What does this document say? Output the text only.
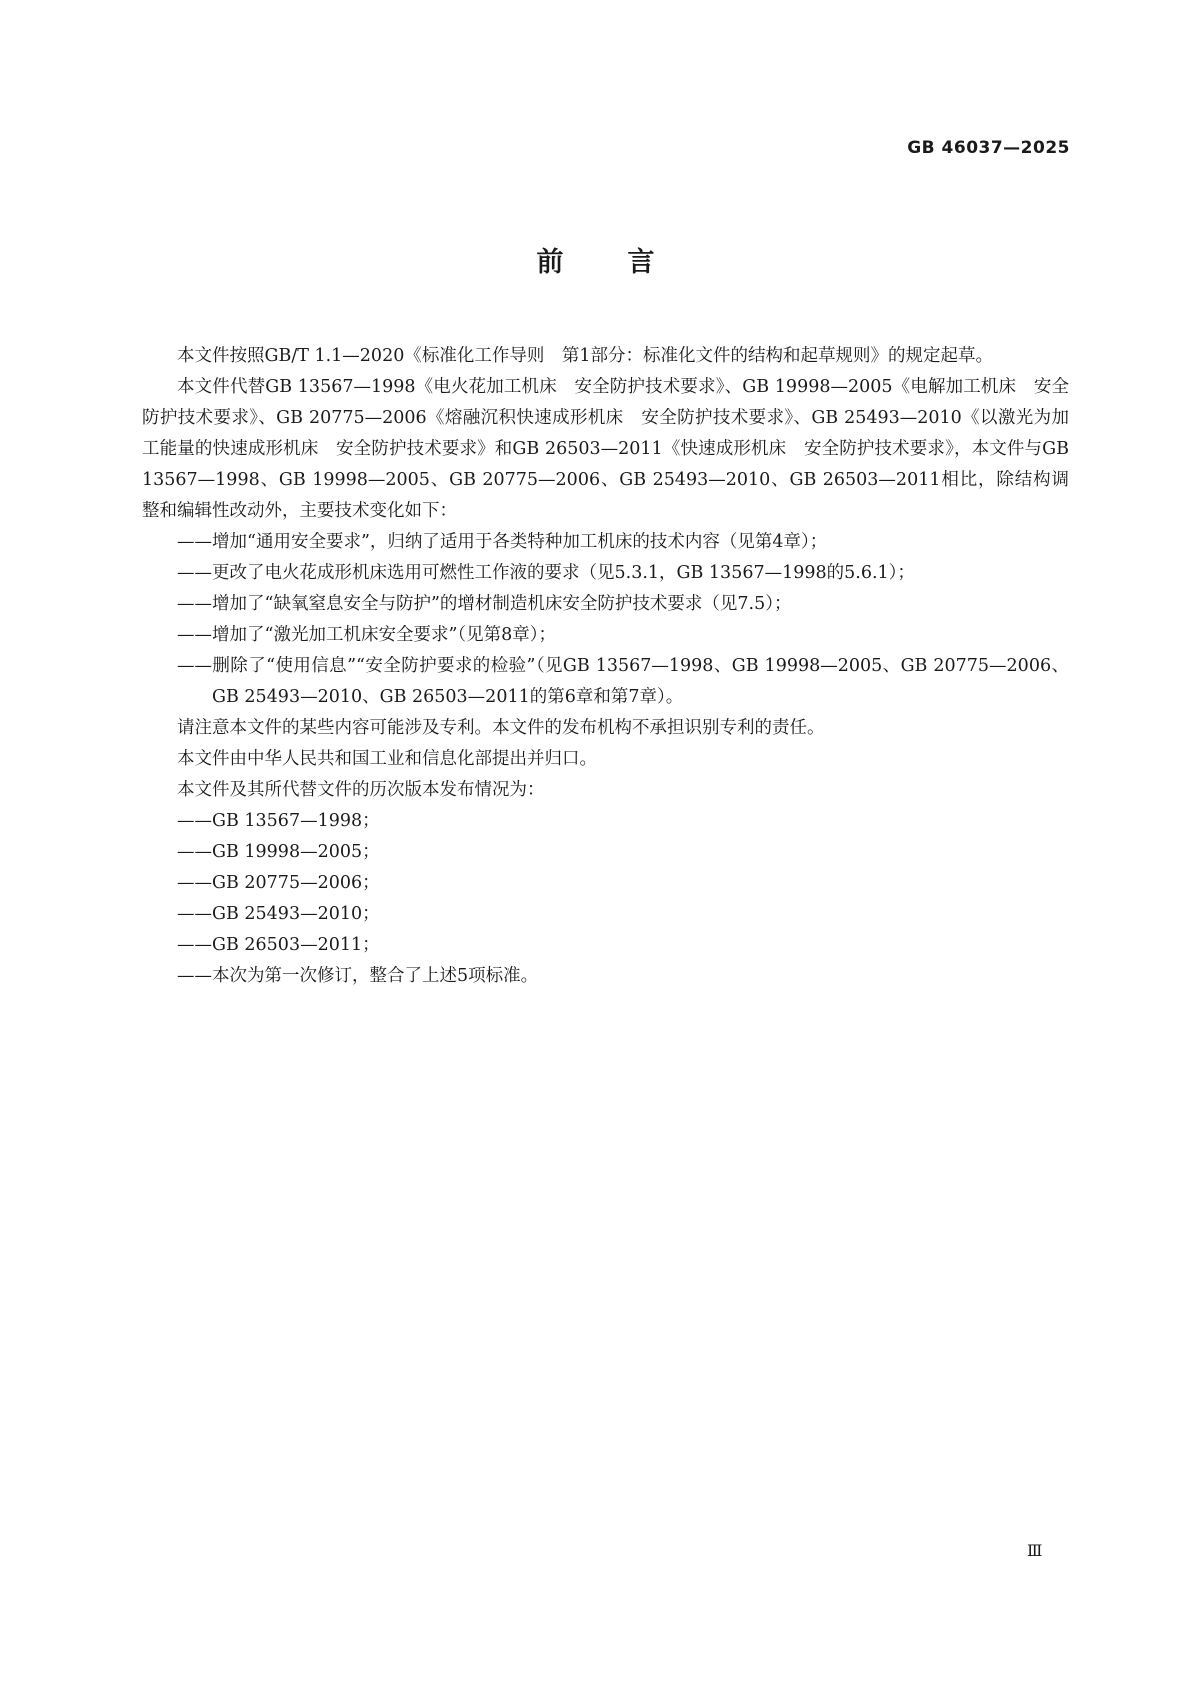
GB 46037—2025
前言

本文件按照GB/T 1.1—2020《标准化工作导则　第1部分：标准化文件的结构和起草规则》的规定起草。

本文件代替GB 13567—1998《电火花加工机床　安全防护技术要求》、GB 19998—2005《电解加工机床　安全防护技术要求》、GB 20775—2006《熔融沉积快速成形机床　安全防护技术要求》、GB 25493—2010《以激光为加工能量的快速成形机床　安全防护技术要求》和GB 26503—2011《快速成形机床　安全防护技术要求》，本文件与GB 13567—1998、GB 19998—2005、GB 20775—2006、GB 25493—2010、GB 26503—2011相比，除结构调整和编辑性改动外，主要技术变化如下：

——增加“通用安全要求”，归纳了适用于各类特种加工机床的技术内容（见第4章）；

——更改了电火花成形机床选用可燃性工作液的要求（见5.3.1，GB 13567—1998的5.6.1）；

——增加了“缺氧窒息安全与防护”的增材制造机床安全防护技术要求（见7.5）；

——增加了“激光加工机床安全要求”（见第8章）；

——删除了“使用信息”“安全防护要求的检验”（见GB 13567—1998、GB 19998—2005、GB 20775—2006、GB 25493—2010、GB 26503—2011的第6章和第7章）。

请注意本文件的某些内容可能涉及专利。本文件的发布机构不承担识别专利的责任。

本文件由中华人民共和国工业和信息化部提出并归口。

本文件及其所代替文件的历次版本发布情况为：

——GB 13567—1998；

——GB 19998—2005；

——GB 20775—2006；

——GB 25493—2010；

——GB 26503—2011；

——本次为第一次修订，整合了上述5项标准。

Ⅲ
